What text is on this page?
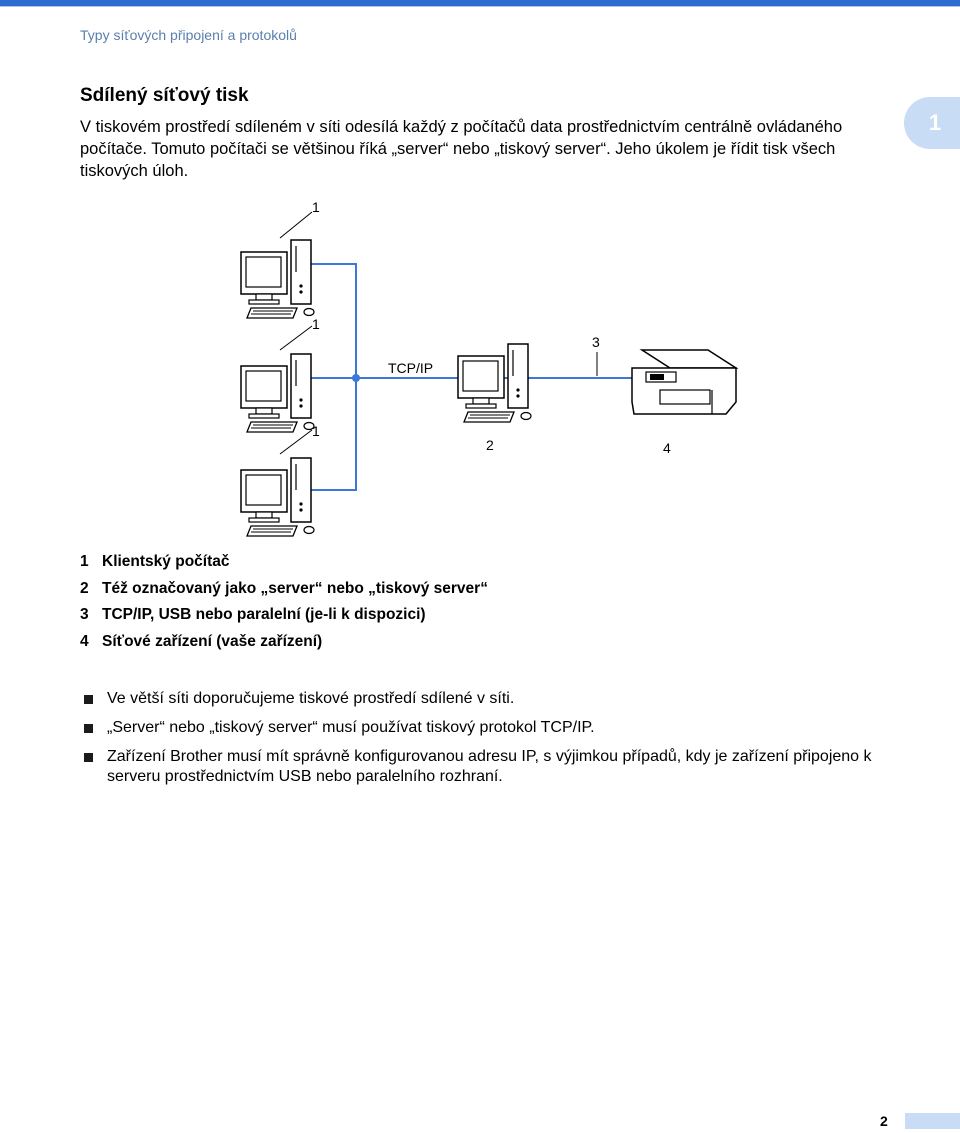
Typy síťových připojení a protokolů
1
Sdílený síťový tisk
V tiskovém prostředí sdíleném v síti odesílá každý z počítačů data prostřednictvím centrálně ovládaného počítače. Tomuto počítači se většinou říká „server“ nebo „tiskový server“. Jeho úkolem je řídit tisk všech tiskových úloh.
1
1
1
TCP/IP
3
2	4
1 Klientský počítač
2 Též označovaný jako „server“ nebo „tiskový server“
3 TCP/IP, USB nebo paralelní (je-li k dispozici)
4 Síťové zařízení (vaše zařízení)
Ve větší síti doporučujeme tiskové prostředí sdílené v síti.
„Server“ nebo „tiskový server“ musí používat tiskový protokol TCP/IP.
Zařízení Brother musí mít správně konfigurovanou adresu IP, s výjimkou případů, kdy je zařízení připojeno k serveru prostřednictvím USB nebo paralelního rozhraní.
2
